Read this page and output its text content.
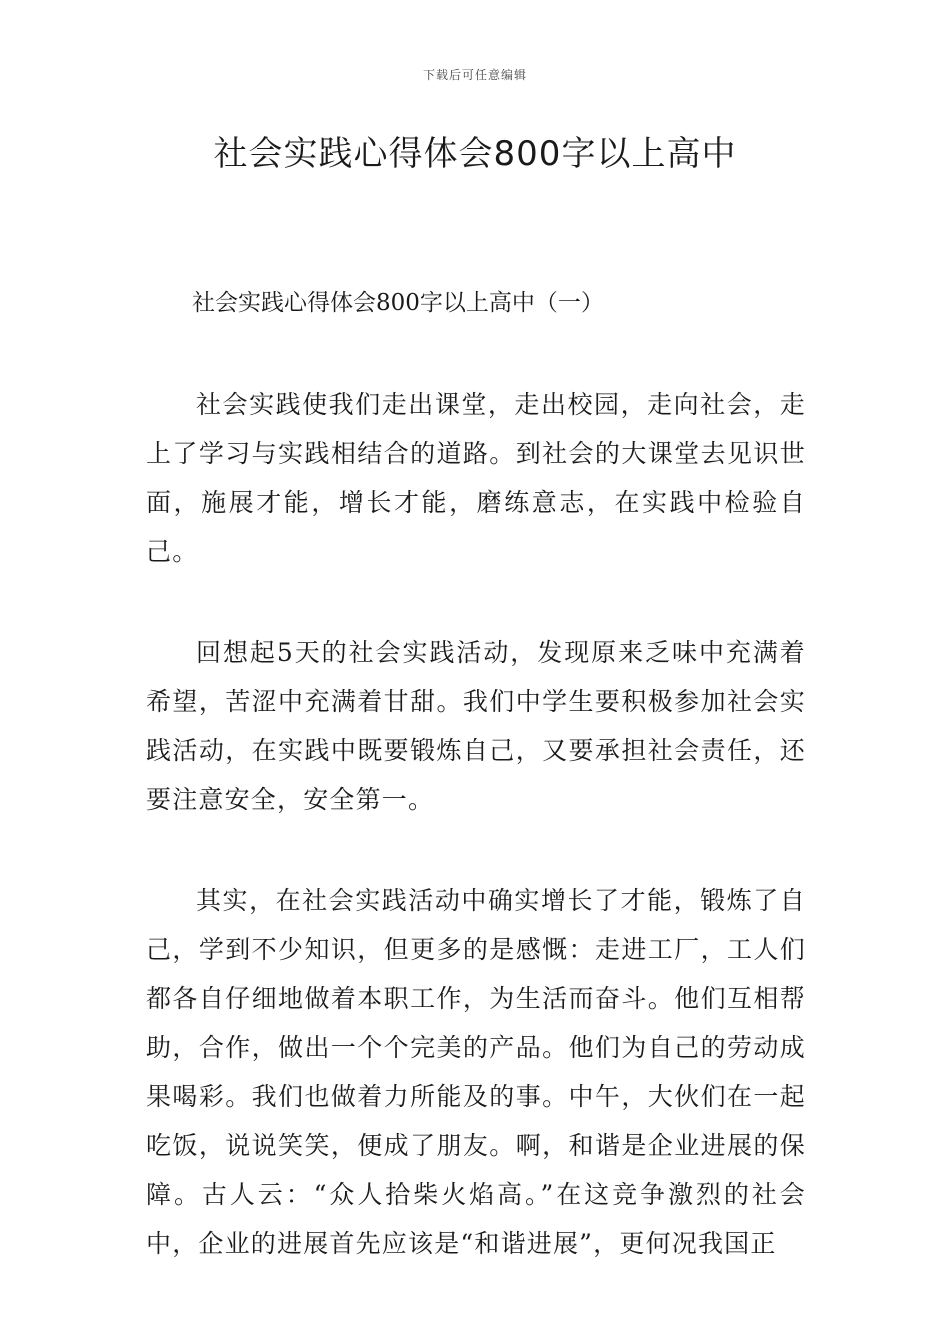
下载后可任意编辑
社会实践心得体会800字以上高中

社会实践心得体会800字以上高中（一）

社会实践使我们走出课堂，走出校园，走向社会，走上了学习与实践相结合的道路。到社会的大课堂去见识世面，施展才能，增长才能，磨练意志，在实践中检验自己。

回想起5天的社会实践活动，发现原来乏味中充满着希望，苦涩中充满着甘甜。我们中学生要积极参加社会实践活动，在实践中既要锻炼自己，又要承担社会责任，还要注意安全，安全第一。

其实，在社会实践活动中确实增长了才能，锻炼了自己，学到不少知识，但更多的是感慨：走进工厂，工人们都各自仔细地做着本职工作，为生活而奋斗。他们互相帮助，合作，做出一个个完美的产品。他们为自己的劳动成果喝彩。我们也做着力所能及的事。中午，大伙们在一起吃饭，说说笑笑，便成了朋友。啊，和谐是企业进展的保障。古人云：“众人拾柴火焰高。”在这竞争激烈的社会中，企业的进展首先应该是“和谐进展”，更何况我国正
